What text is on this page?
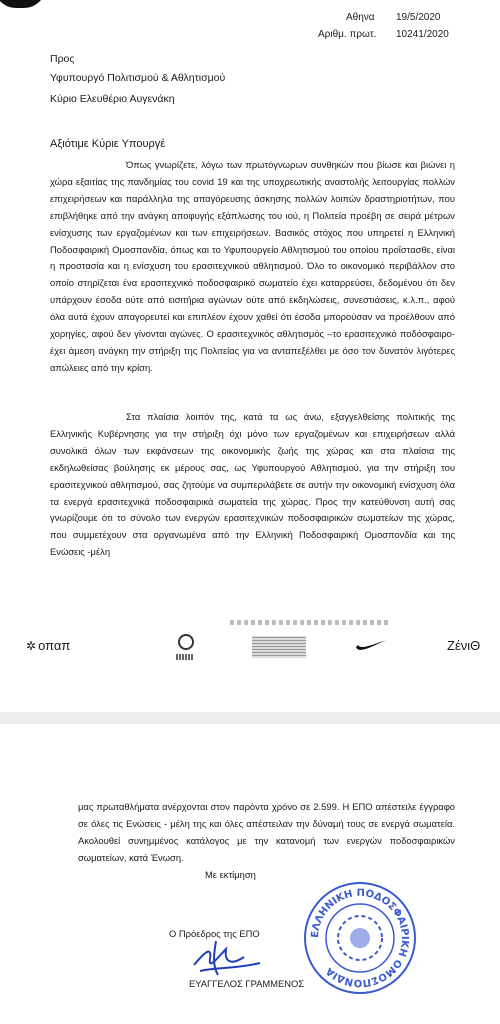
Αθηνα 19/5/2020
Αριθμ. πρωτ. 10241/2020
Προς
Υφυπουργό Πολιτισμού & Αθλητισμού
Κύριο Ελευθέριο Αυγενάκη
Αξιότιμε Κύριε Υπουργέ

Όπως γνωρίζετε, λόγω των πρωτόγνωρων συνθηκών που βίωσε και βιώνει η χώρα εξαιτίας της πανδημίας του covid 19 και της υποχρεωτικής αναστολής λειτουργίας πολλών επιχειρήσεων και παράλληλα της απαγόρευσης άσκησης πολλών λοιπών δραστηριοτήτων, που επιβλήθηκε από την ανάγκη αποφυγής εξάπλωσης του ιού, η Πολιτεία προέβη σε σειρά μέτρων ενίσχυσης των εργαζομένων και των επιχειρήσεων. Βασικός στόχος που υπηρετεί η Ελληνική Ποδοσφαιρική Ομοσπονδία, όπως και το Υφυπουργείο Αθλητισμού του οποίου προΐστασθε, είναι η προστασία και η ενίσχυση του ερασιτεχνικού αθλητισμού. Όλο το οικονομικό περιβάλλον στο οποίο στηρίζεται ένα ερασιτεχνικό ποδοσφαιρικό σωματείο έχει καταρρεύσει, δεδομένου ότι δεν υπάρχουν έσοδα ούτε από εισιτήρια αγώνων ούτε από εκδηλώσεις, συνεστιάσεις, κ.λ.π., αφού όλα αυτά έχουν απαγορευτεί και επιπλέον έχουν χαθεί ότι έσοδα μπορούσαν να προέλθουν από χορηγίες, αφού δεν γίνονται αγώνες. Ο ερασιτεχνικός αθλητισμός –το ερασιτεχνικό ποδόσφαιρο- έχει άμεση ανάγκη την στήριξη της Πολιτείας για να ανταπεξέλθει με όσο τον δυνατόν λιγότερες απώλειες από την κρίση.

Στα πλαίσια λοιπόν της, κατά τα ως άνω, εξαγγελθείσης πολιτικής της Ελληνικής Κυβέρνησης για την στήριξη όχι μόνο των εργαζομένων και επιχειρήσεων αλλά συνολικά όλων των εκφάνσεων της οικονομικής ζωής της χώρας και στα πλαίσια της εκδηλωθείσας βούλησης εκ μέρους σας, ως Υφυπουργού Αθλητισμού, για την στήριξη του ερασιτεχνικού αθλητισμού, σας ζητούμε να συμπεριλάβετε σε αυτήν την οικονομική ενίσχυση όλα τα ενεργά ερασιτεχνικά ποδοσφαιρικά σωματεία της χώρας. Προς την κατεύθυνση αυτή σας γνωρίζουμε ότι το σύνολο των ενεργών ερασιτεχνικών ποδοσφαιρικών σωματείων της χώρας, που συμμετέχουν στα οργανωμένα από την Ελληνική Ποδοσφαιρική Ομοσπονδία και της Ενώσεις -μέλη

✲ οπαπ	ΖένιΘ

μας πρωταθλήματα ανέρχονται στον παρόντα χρόνο σε 2.599. Η ΕΠΟ απέστειλε έγγραφο σε όλες τις Ενώσεις - μέλη της και όλες απέστειλαν την δύναμή τους σε ενεργά σωματεία. Ακολουθεί συνημμένος κατάλογος με την κατανομή των ενεργών ποδοσφαιρικών σωματείων, κατά Ένωση.

Με εκτίμηση
Ο Πρόεδρος της ΕΠΟ
ΕΥΑΓΓΕΛΟΣ ΓΡΑΜΜΕΝΟΣ
ΕΛΛΗΝΙΚΗ ΠΟΔΟΣΦΑΙΡΙΚΗ ΟΜΟΣΠΟΝΔΙΑ
